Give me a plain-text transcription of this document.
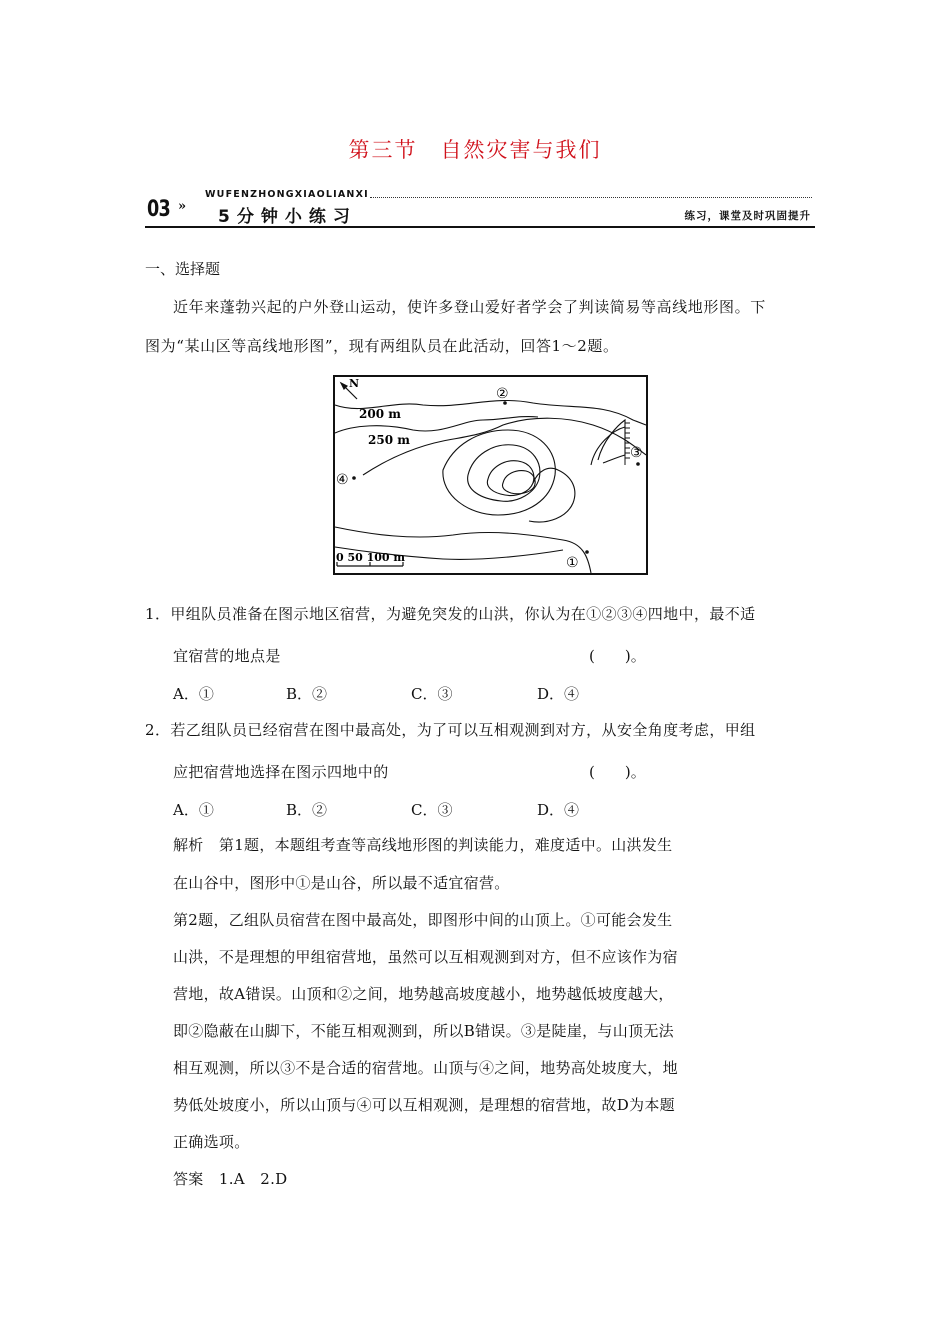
第三节　自然灾害与我们
03 »
WUFENZHONGXIAOLIANXI
5分钟小练习	练习，课堂及时巩固提升
一、选择题
近年来蓬勃兴起的户外登山运动，使许多登山爱好者学会了判读简易等高线地形图。下
图为“某山区等高线地形图”，现有两组队员在此活动，回答1～2题。
N
200 m
250 m
②
③
④
①
0 50 100 m
1．甲组队员准备在图示地区宿营，为避免突发的山洪，你认为在①②③④四地中，最不适
宜宿营的地点是	(　　)。
A．①	B．②	C．③	D．④
2．若乙组队员已经宿营在图中最高处，为了可以互相观测到对方，从安全角度考虑，甲组
应把宿营地选择在图示四地中的	(　　)。
A．①	B．②	C．③	D．④
解析　第1题，本题组考查等高线地形图的判读能力，难度适中。山洪发生
在山谷中，图形中①是山谷，所以最不适宜宿营。
第2题，乙组队员宿营在图中最高处，即图形中间的山顶上。①可能会发生
山洪，不是理想的甲组宿营地，虽然可以互相观测到对方，但不应该作为宿
营地，故A错误。山顶和②之间，地势越高坡度越小，地势越低坡度越大，
即②隐蔽在山脚下，不能互相观测到，所以B错误。③是陡崖，与山顶无法
相互观测，所以③不是合适的宿营地。山顶与④之间，地势高处坡度大，地
势低处坡度小，所以山顶与④可以互相观测，是理想的宿营地，故D为本题
正确选项。
答案　1.A　2.D
